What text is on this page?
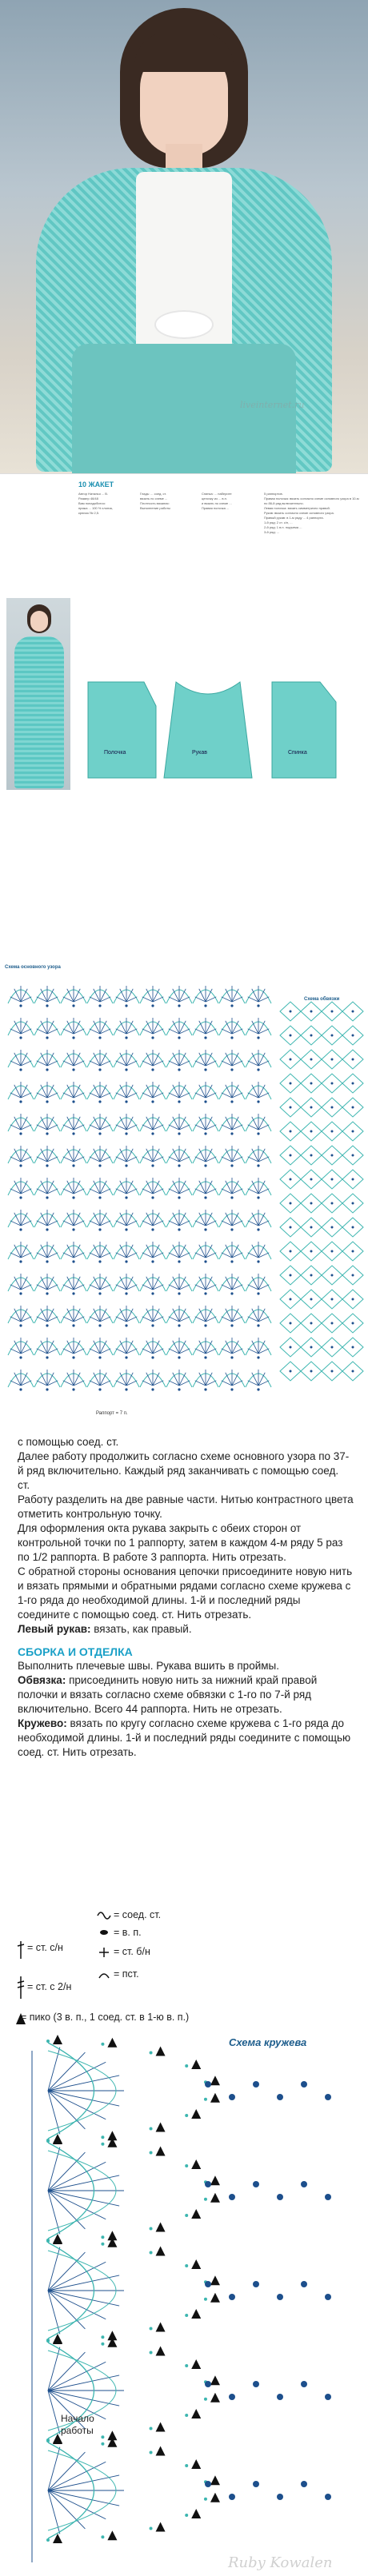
liveinternet.ru
10 ЖАКЕТ
Автор Наталья ... В.
Размер 46/48
Вам понадобится:
пряжа ... 100 % хлопок,
крючок № 2,5.
Гладь: ... соед. ст.
вязать по схеме ...
Плотность вязания:
Выполнение работы
Спинка: ... наберите
цепочку из ... в.п.
и вязать по схеме ...
Правая полочка ...
5 раппортов.
Правая полочка: вязать согласно схеме основного узора в 10-м по 86-й ряд включительно.
Левая полочка: вязать симметрично правой.
Рукав: вязать согласно схеме основного узора.
Правый рукав: в 1-м ряду ... 4 раппорта.
1-й ряд: 2 ст. с/н, ...
2-й ряд: 1 в.п. подъема ...
3-й ряд: ...
Рукав	Спинка
Полочка
Схема основного узора
Схема обвязки
Раппорт = 7 п.

с помощью соед. ст.

Далее работу продолжить согласно схеме основного узора по 37-й ряд включительно. Каждый ряд заканчивать с помощью соед. ст.

Работу разделить на две равные части. Нитью контрастного цвета отметить контрольную точку.

Для оформления окта рукава закрыть с обеих сторон от контрольной точки по 1 раппорту, затем в каждом 4-м ряду 5 раз по 1/2 раппорта. В работе 3 раппорта. Нить отрезать.

С обратной стороны основания цепочки присоедините новую нить и вязать прямыми и обратными рядами согласно схеме кружева с 1-го ряда до необходимой длины. 1-й и последний ряды соедините с помощью соед. ст. Нить отрезать.

Левый рукав: вязать, как правый.

СБОРКА И ОТДЕЛКА

Выполнить плечевые швы. Рукава вшить в проймы.

Обвязка: присоединить новую нить за нижний край правой полочки и вязать согласно схеме обвязки с 1-го по 7-й ряд включительно. Всего 44 раппорта. Нить не отрезать.

Кружево: вязать по кругу согласно схеме кружева с 1-го ряда до необходимой длины. 1-й и последний ряды соедините с помощью соед. ст. Нить отрезать.

= ст. с/н
= ст. с 2/н
= пико (3 в. п., 1 соед. ст. в 1-ю в. п.)
= соед. ст.
= в. п.
= ст. б/н
= пст.
Схема кружева
Начало
работы
Ruby Kowalen
